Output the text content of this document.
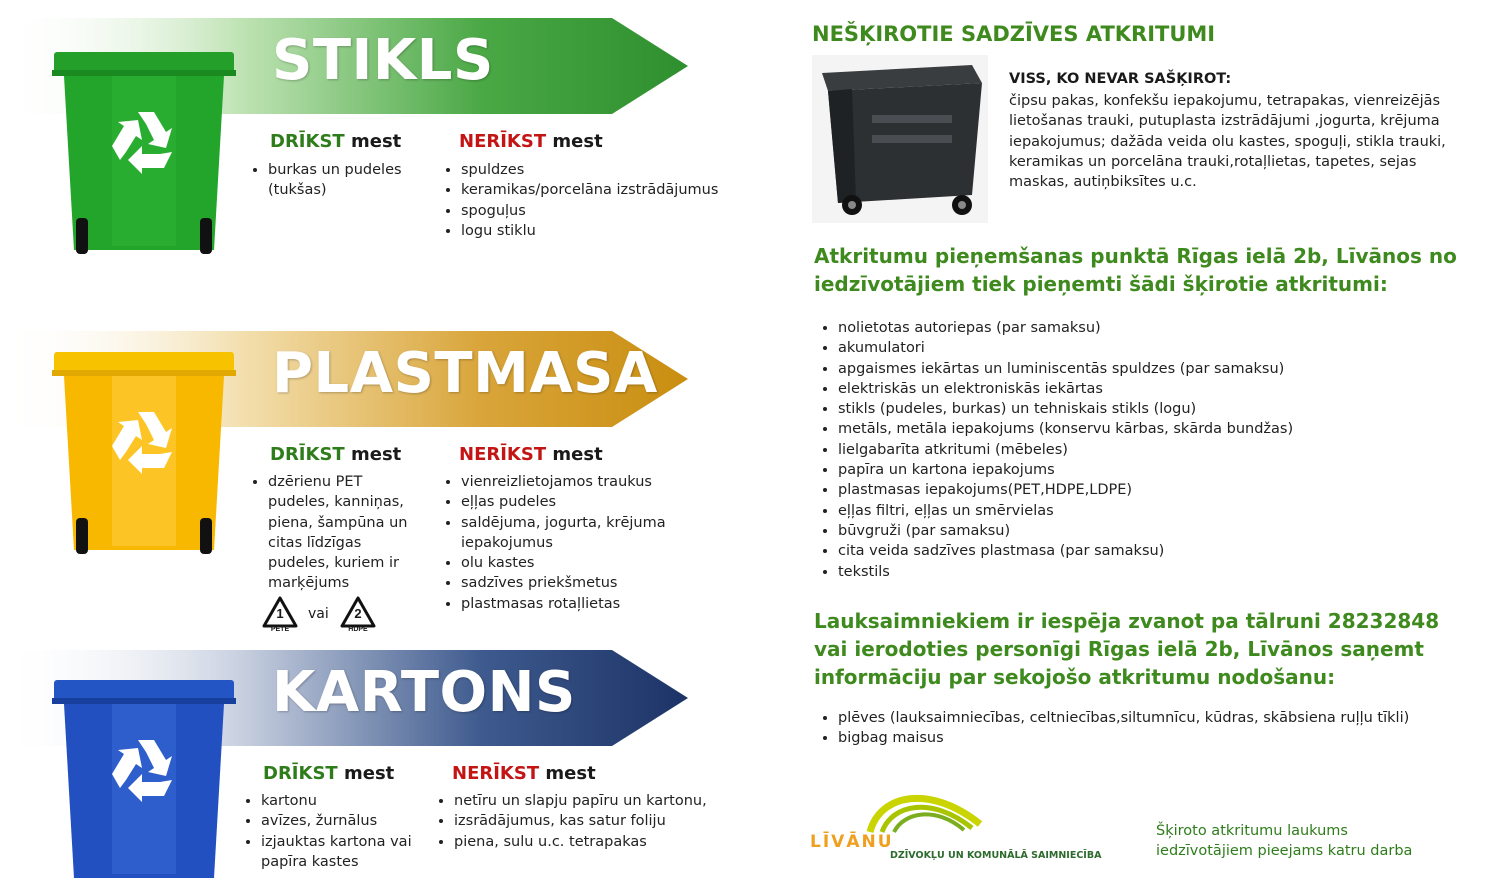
STIKLS
DRĪKST mest	NERĪKST mest
• burkas un pudeles (tukšas)
• spuldzes
• keramikas/porcelāna izstrādājumus
• spoguļus
• logu stiklu
PLASTMASA
DRĪKST mest	NERĪKST mest
• dzērienu PET pudeles, kanniņas, piena, šampūna un citas līdzīgas pudeles, kuriem ir marķējums
• vienreizlietojamos traukus
• eļļas pudeles
• saldējuma, jogurta, krējuma iepakojumus
• olu kastes
• sadzīves priekšmetus
• plastmasas rotaļlietas
1
PETE
vai	2
HDPE
KARTONS
DRĪKST mest	NERĪKST mest
• kartonu
• avīzes, žurnālus
• izjauktas kartona vai papīra kastes
• netīru un slapju papīru un kartonu,
• izsrādājumus, kas satur foliju
• piena, sulu u.c. tetrapakas
NEŠĶIROTIE SADZĪVES ATKRITUMI
VISS, KO NEVAR SAŠĶIROT:
čipsu pakas, konfekšu iepakojumu, tetrapakas, vienreizējās lietošanas trauki, putuplasta izstrādājumi ,jogurta, krējuma iepakojumus; dažāda veida olu kastes, spoguļi, stikla trauki, keramikas un porcelāna trauki,rotaļlietas, tapetes, sejas maskas, autiņbiksītes u.c.
Atkritumu pieņemšanas punktā Rīgas ielā 2b, Līvānos no iedzīvotājiem tiek pieņemti šādi šķirotie atkritumi:
• nolietotas autoriepas (par samaksu)
• akumulatori
• apgaismes iekārtas un luminiscentās spuldzes (par samaksu)
• elektriskās un elektroniskās iekārtas
• stikls (pudeles, burkas) un tehniskais stikls (logu)
• metāls, metāla iepakojums (konservu kārbas, skārda bundžas)
• lielgabarīta atkritumi (mēbeles)
• papīra un kartona iepakojums
• plastmasas iepakojums(PET,HDPE,LDPE)
• eļļas filtri, eļļas un smērvielas
• būvgruži (par samaksu)
• cita veida sadzīves plastmasa (par samaksu)
• tekstils
Lauksaimniekiem ir iespēja zvanot pa tālruni 28232848 vai ierodoties personīgi Rīgas ielā 2b, Līvānos saņemt informāciju par sekojošo atkritumu nodošanu:
• plēves (lauksaimniecības, celtniecības,siltumnīcu, kūdras, skābsiena ruļļu tīkli)
• bigbag maisus
LĪVĀNU
DZĪVOKĻU UN KOMUNĀLĀ SAIMNIECĪBA
Šķiroto atkritumu laukums
iedzīvotājiem pieejams katru darba
